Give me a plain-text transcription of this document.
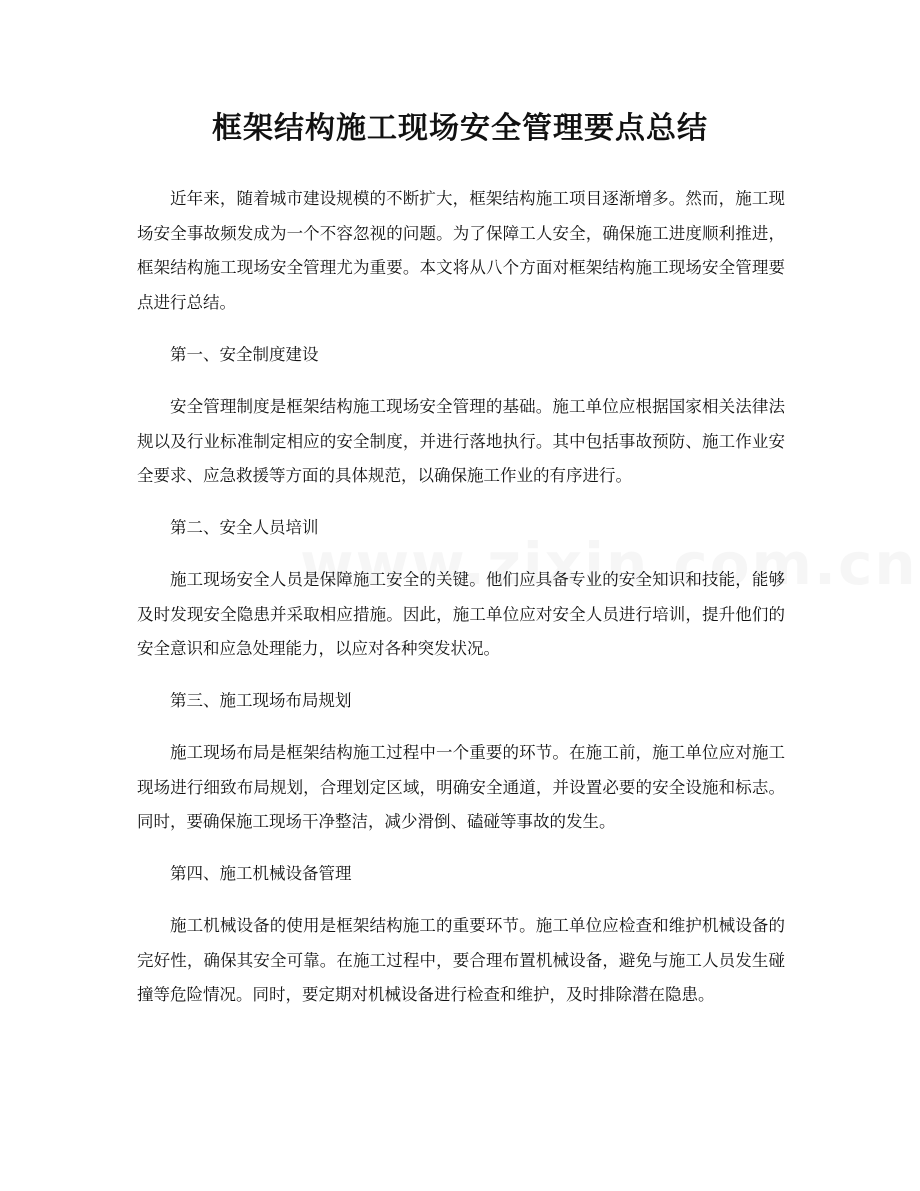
框架结构施工现场安全管理要点总结

近年来，随着城市建设规模的不断扩大，框架结构施工项目逐渐增多。然而，施工现场安全事故频发成为一个不容忽视的问题。为了保障工人安全，确保施工进度顺利推进，框架结构施工现场安全管理尤为重要。本文将从八个方面对框架结构施工现场安全管理要点进行总结。

第一、安全制度建设

安全管理制度是框架结构施工现场安全管理的基础。施工单位应根据国家相关法律法规以及行业标准制定相应的安全制度，并进行落地执行。其中包括事故预防、施工作业安全要求、应急救援等方面的具体规范，以确保施工作业的有序进行。

第二、安全人员培训

施工现场安全人员是保障施工安全的关键。他们应具备专业的安全知识和技能，能够及时发现安全隐患并采取相应措施。因此，施工单位应对安全人员进行培训，提升他们的安全意识和应急处理能力，以应对各种突发状况。

第三、施工现场布局规划

施工现场布局是框架结构施工过程中一个重要的环节。在施工前，施工单位应对施工现场进行细致布局规划，合理划定区域，明确安全通道，并设置必要的安全设施和标志。同时，要确保施工现场干净整洁，减少滑倒、磕碰等事故的发生。

第四、施工机械设备管理

施工机械设备的使用是框架结构施工的重要环节。施工单位应检查和维护机械设备的完好性，确保其安全可靠。在施工过程中，要合理布置机械设备，避免与施工人员发生碰撞等危险情况。同时，要定期对机械设备进行检查和维护，及时排除潜在隐患。
